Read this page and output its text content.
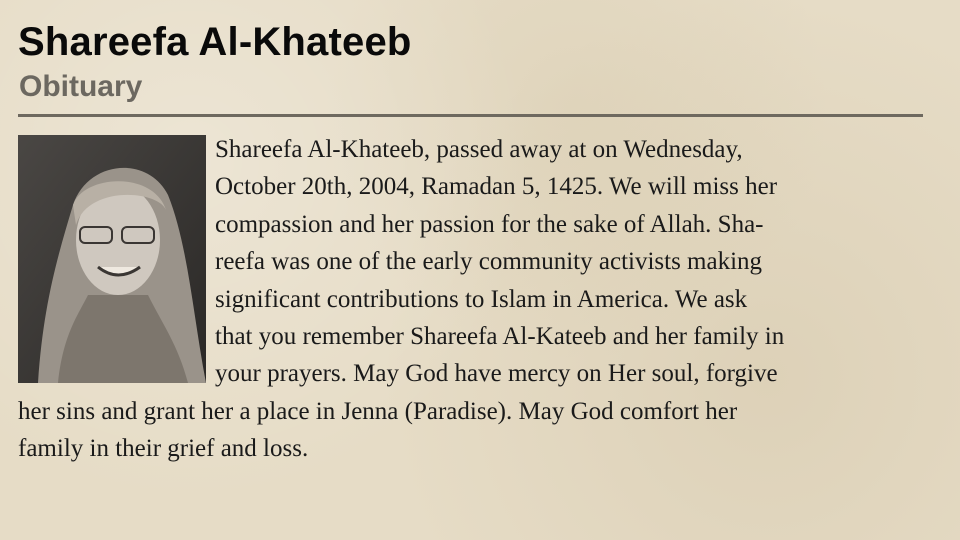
Shareefa Al-Khateeb
Obituary
Shareefa Al-Khateeb, passed away at on Wednesday,
October 20th, 2004, Ramadan 5, 1425. We will miss her
compassion and her passion for the sake of Allah. Sha-
reefa was one of the early community activists making
significant contributions to Islam in America. We ask
that you remember Shareefa Al-Kateeb and her family in
your prayers. May God have mercy on Her soul, forgive
her sins and grant her a place in Jenna (Paradise). May God comfort her
family in their grief and loss.
